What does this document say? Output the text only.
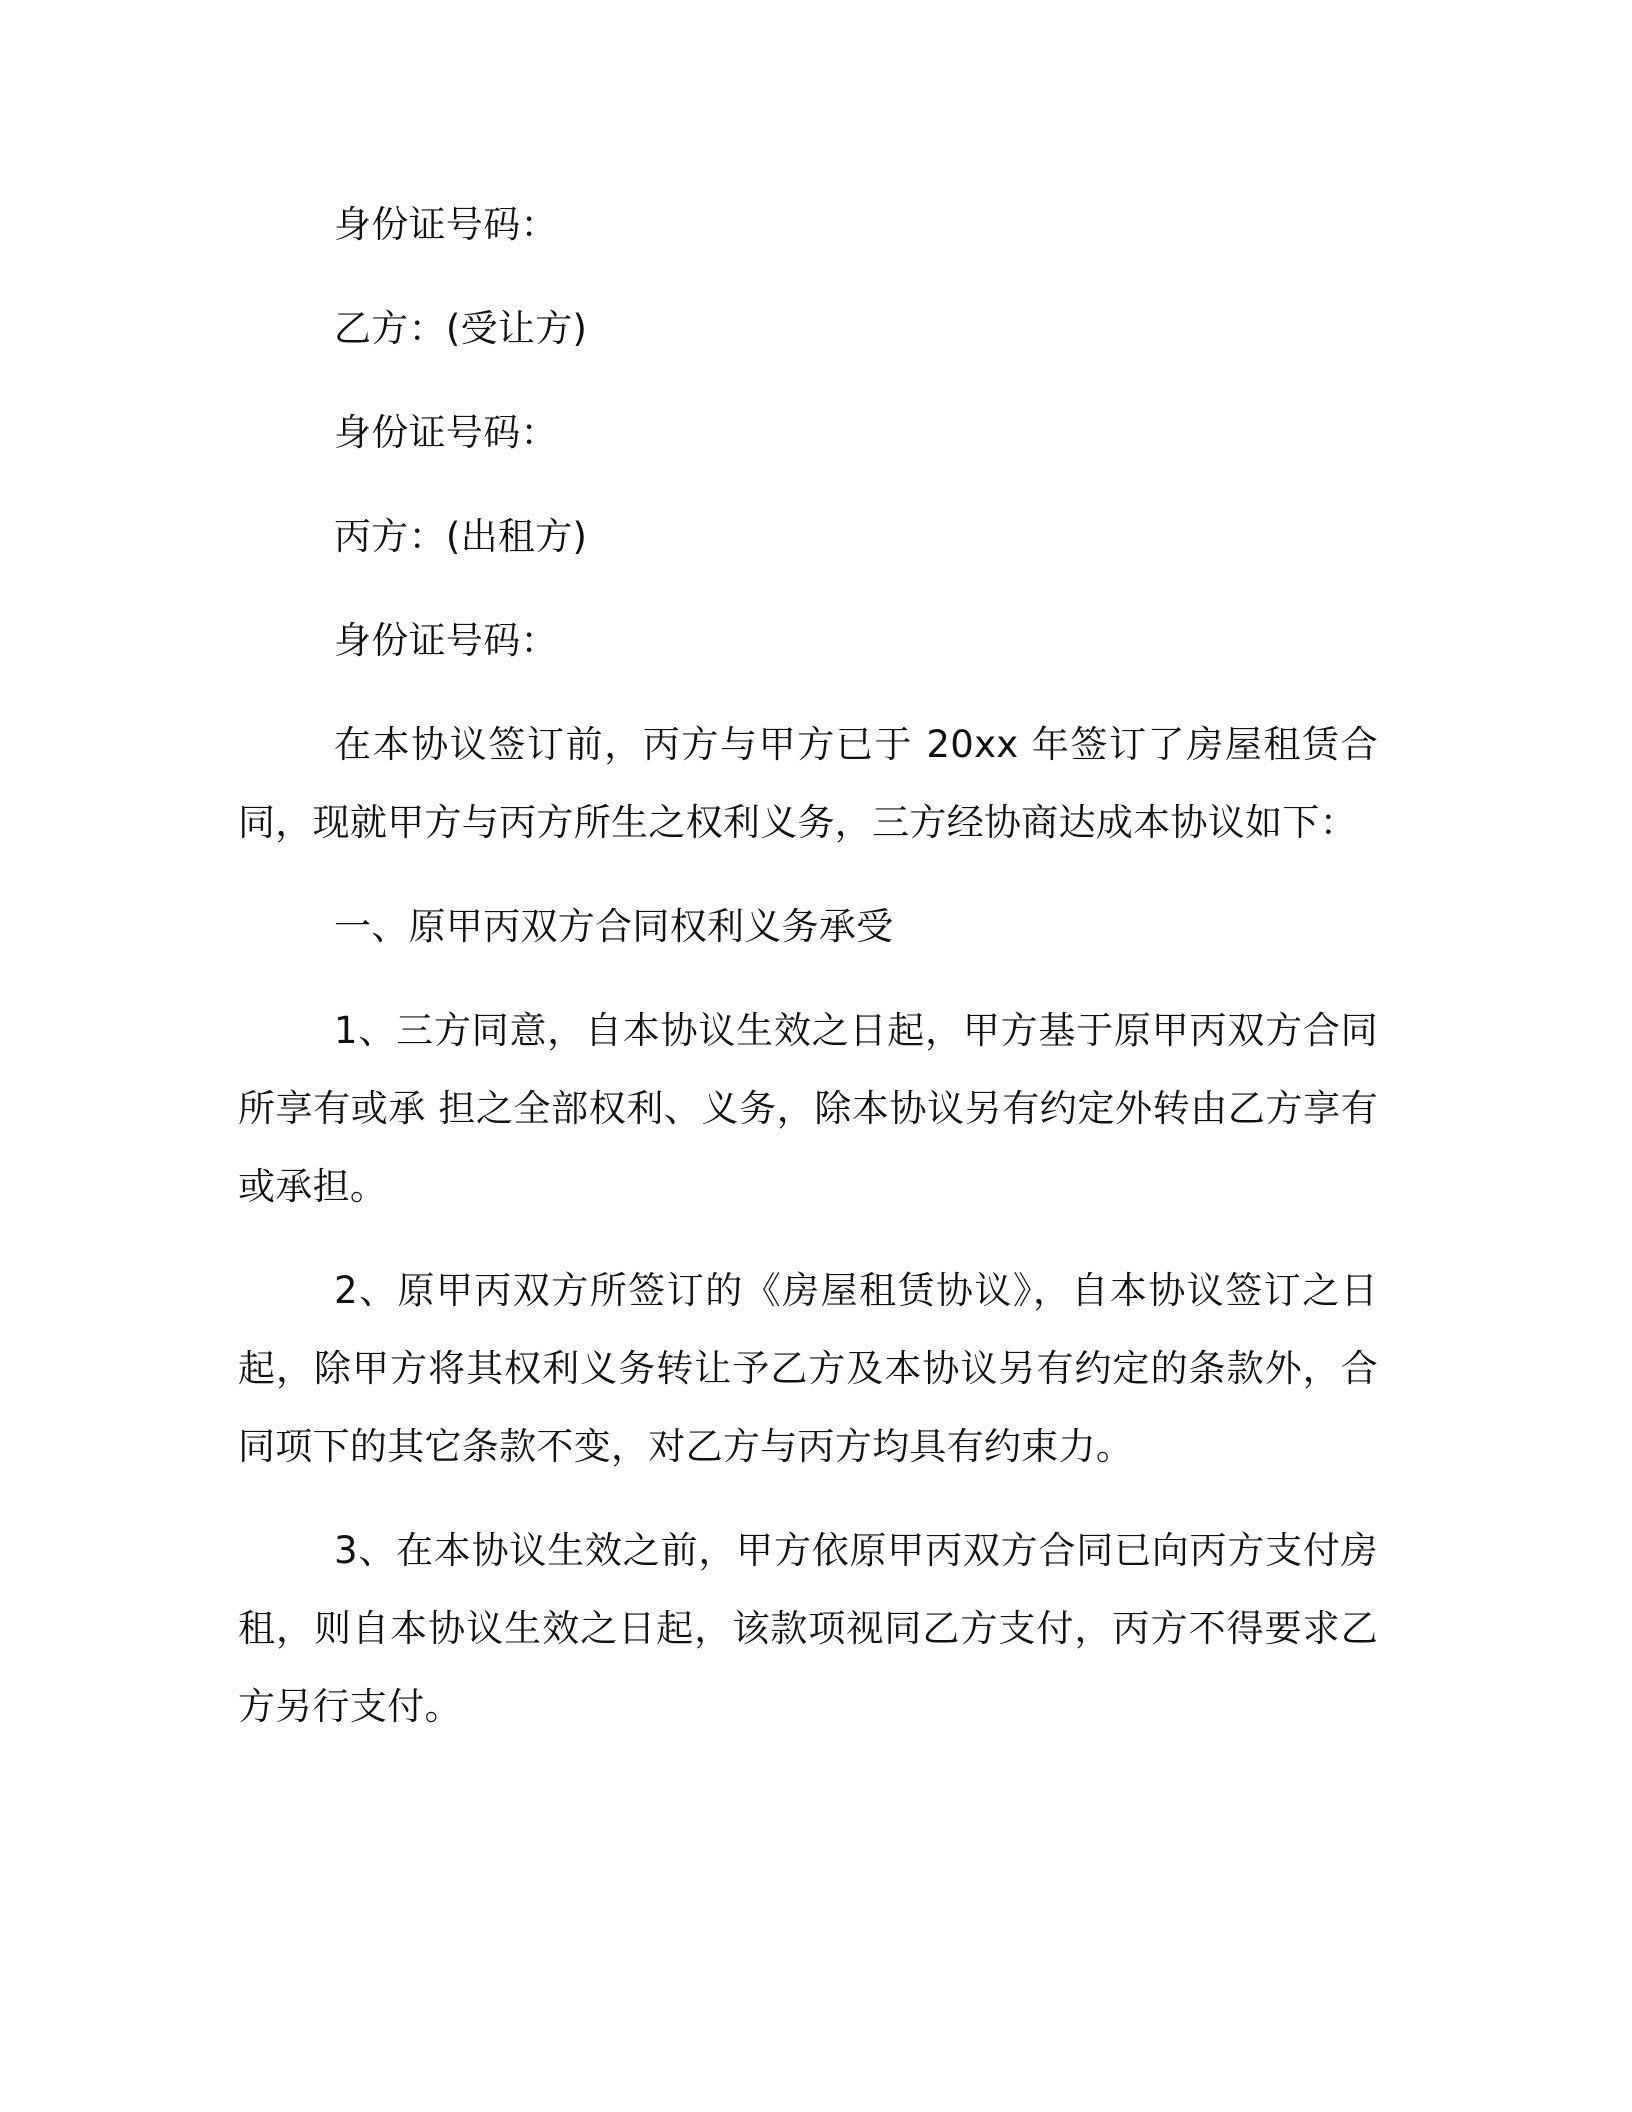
身份证号码：
乙方：(受让方)
身份证号码：
丙方：(出租方)
身份证号码：

在本协议签订前，丙方与甲方已于 20xx 年签订了房屋租赁合同，现就甲方与丙方所生之权利义务，三方经协商达成本协议如下：

一、原甲丙双方合同权利义务承受

1、三方同意，自本协议生效之日起，甲方基于原甲丙双方合同所享有或承 担之全部权利、义务，除本协议另有约定外转由乙方享有或承担。

2、原甲丙双方所签订的《房屋租赁协议》，自本协议签订之日起，除甲方将其权利义务转让予乙方及本协议另有约定的条款外，合同项下的其它条款不变，对乙方与丙方均具有约束力。

3、在本协议生效之前，甲方依原甲丙双方合同已向丙方支付房租，则自本协议生效之日起，该款项视同乙方支付，丙方不得要求乙方另行支付。
